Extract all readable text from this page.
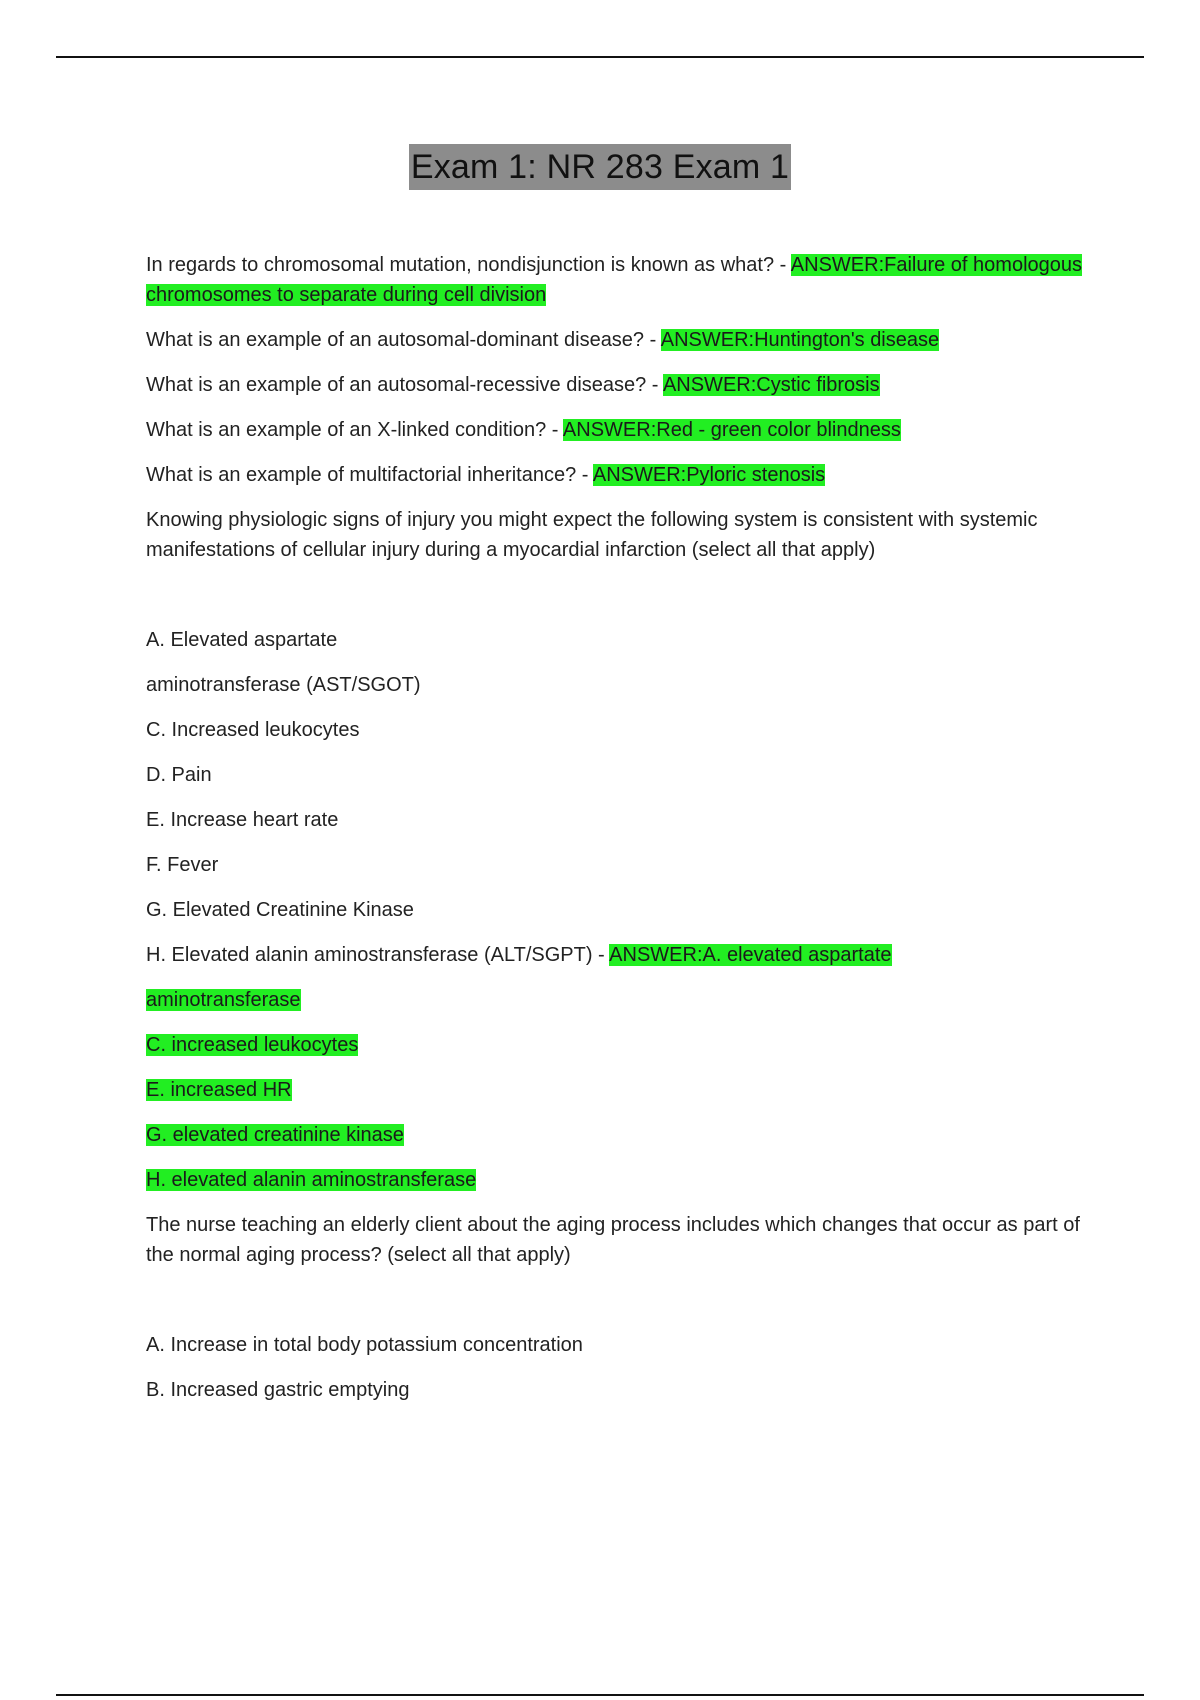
Exam 1: NR 283 Exam 1

In regards to chromosomal mutation, nondisjunction is known as what? - ANSWER:Failure of homologous chromosomes to separate during cell division

What is an example of an autosomal-dominant disease? - ANSWER:Huntington's disease

What is an example of an autosomal-recessive disease? - ANSWER:Cystic fibrosis

What is an example of an X-linked condition? - ANSWER:Red - green color blindness

What is an example of multifactorial inheritance? - ANSWER:Pyloric stenosis

Knowing physiologic signs of injury you might expect the following system is consistent with systemic manifestations of cellular injury during a myocardial infarction (select all that apply)

A. Elevated aspartate

aminotransferase (AST/SGOT)

C. Increased leukocytes

D. Pain

E. Increase heart rate

F. Fever

G. Elevated Creatinine Kinase

H. Elevated alanin aminostransferase (ALT/SGPT) - ANSWER:A. elevated aspartate

aminotransferase

C. increased leukocytes

E. increased HR

G. elevated creatinine kinase

H. elevated alanin aminostransferase

The nurse teaching an elderly client about the aging process includes which changes that occur as part of the normal aging process? (select all that apply)

A. Increase in total body potassium concentration

B. Increased gastric emptying
